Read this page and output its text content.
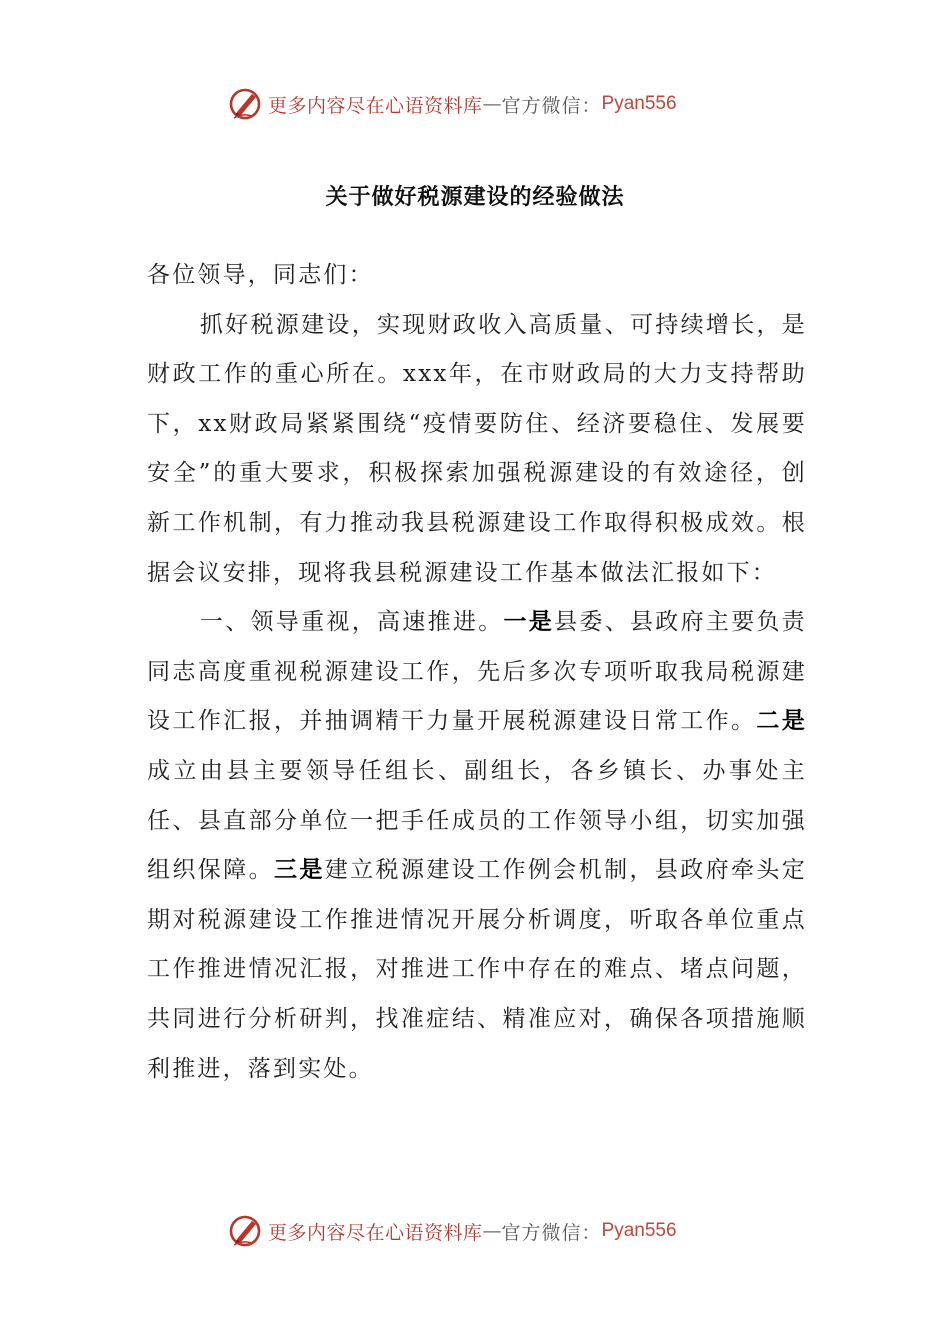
更多内容尽在心语资料库 — 官方微信： Pyan556
关于做好税源建设的经验做法

各位领导，同志们：

抓好税源建设，实现财政收入高质量、可持续增长，是财政工作的重心所在。xxx年，在市财政局的大力支持帮助下，xx财政局紧紧围绕“疫情要防住、经济要稳住、发展要安全”的重大要求，积极探索加强税源建设的有效途径，创新工作机制，有力推动我县税源建设工作取得积极成效。根据会议安排，现将我县税源建设工作基本做法汇报如下：

一、领导重视，高速推进。一是县委、县政府主要负责同志高度重视税源建设工作，先后多次专项听取我局税源建设工作汇报，并抽调精干力量开展税源建设日常工作。二是成立由县主要领导任组长、副组长，各乡镇长、办事处主任、县直部分单位一把手任成员的工作领导小组，切实加强组织保障。三是建立税源建设工作例会机制，县政府牵头定期对税源建设工作推进情况开展分析调度，听取各单位重点工作推进情况汇报，对推进工作中存在的难点、堵点问题，共同进行分析研判，找准症结、精准应对，确保各项措施顺利推进，落到实处。

更多内容尽在心语资料库 — 官方微信： Pyan556
